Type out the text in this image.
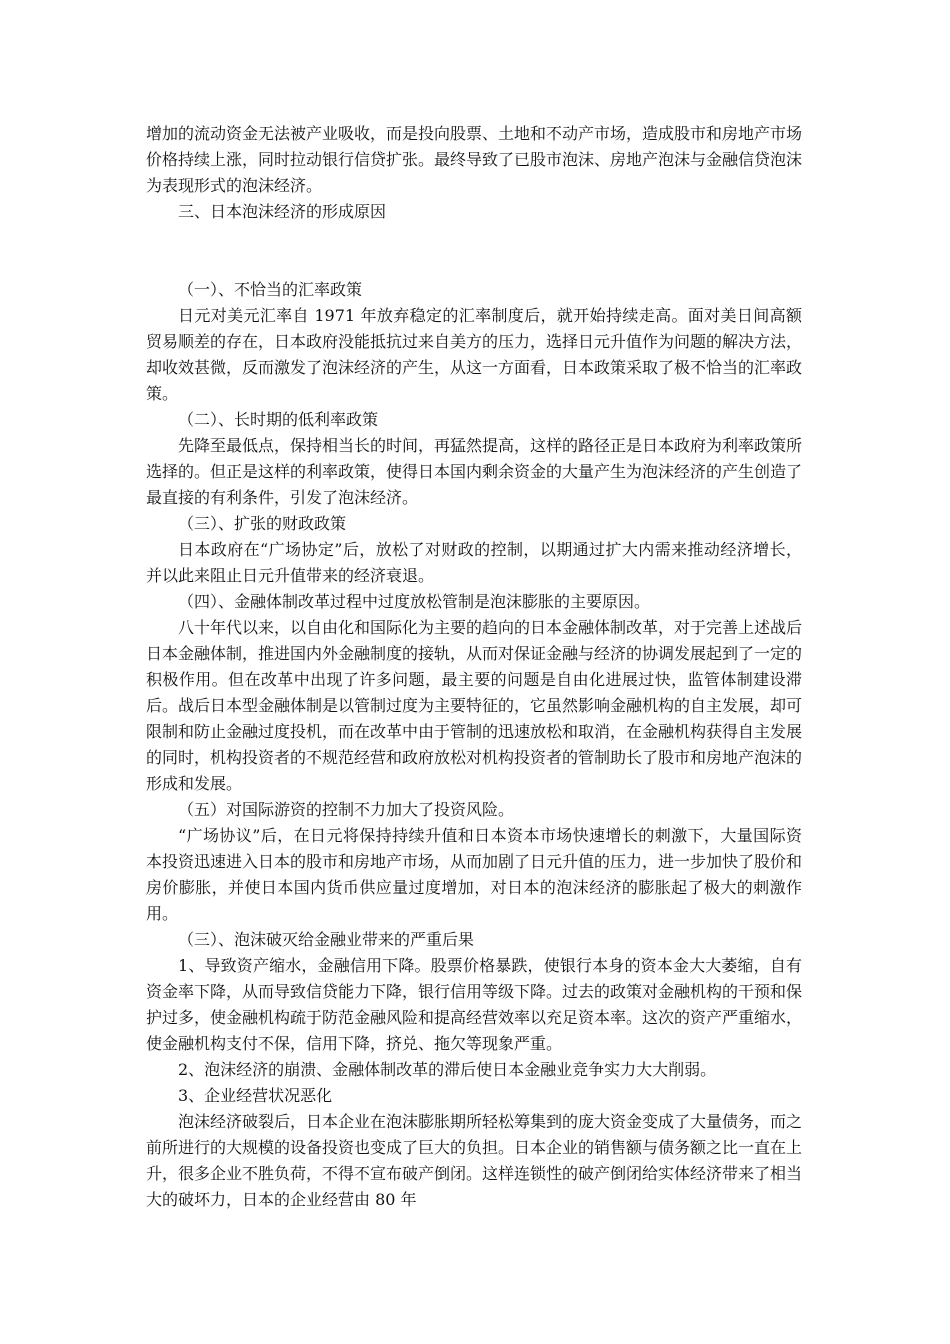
增加的流动资金无法被产业吸收，而是投向股票、土地和不动产市场，造成股市和房地产市场价格持续上涨，同时拉动银行信贷扩张。最终导致了已股市泡沫、房地产泡沫与金融信贷泡沫为表现形式的泡沫经济。

三、日本泡沫经济的形成原因

（一）、不恰当的汇率政策

日元对美元汇率自 1971 年放弃稳定的汇率制度后，就开始持续走高。面对美日间高额贸易顺差的存在，日本政府没能抵抗过来自美方的压力，选择日元升值作为问题的解决方法，却收效甚微，反而激发了泡沫经济的产生，从这一方面看，日本政策采取了极不恰当的汇率政策。

（二）、长时期的低利率政策

先降至最低点，保持相当长的时间，再猛然提高，这样的路径正是日本政府为利率政策所选择的。但正是这样的利率政策，使得日本国内剩余资金的大量产生为泡沫经济的产生创造了最直接的有利条件，引发了泡沫经济。

（三）、扩张的财政政策

日本政府在“广场协定”后，放松了对财政的控制，以期通过扩大内需来推动经济增长，并以此来阻止日元升值带来的经济衰退。

（四）、金融体制改革过程中过度放松管制是泡沫膨胀的主要原因。

八十年代以来，以自由化和国际化为主要的趋向的日本金融体制改革，对于完善上述战后日本金融体制，推进国内外金融制度的接轨，从而对保证金融与经济的协调发展起到了一定的积极作用。但在改革中出现了许多问题，最主要的问题是自由化进展过快，监管体制建设滞后。战后日本型金融体制是以管制过度为主要特征的，它虽然影响金融机构的自主发展，却可限制和防止金融过度投机，而在改革中由于管制的迅速放松和取消，在金融机构获得自主发展的同时，机构投资者的不规范经营和政府放松对机构投资者的管制助长了股市和房地产泡沫的形成和发展。

（五）对国际游资的控制不力加大了投资风险。

“广场协议”后，在日元将保持持续升值和日本资本市场快速增长的刺激下，大量国际资本投资迅速进入日本的股市和房地产市场，从而加剧了日元升值的压力，进一步加快了股价和房价膨胀，并使日本国内货币供应量过度增加，对日本的泡沫经济的膨胀起了极大的刺激作用。

（三）、泡沫破灭给金融业带来的严重后果

1、导致资产缩水，金融信用下降。股票价格暴跌，使银行本身的资本金大大萎缩，自有资金率下降，从而导致信贷能力下降，银行信用等级下降。过去的政策对金融机构的干预和保护过多，使金融机构疏于防范金融风险和提高经营效率以充足资本率。这次的资产严重缩水，使金融机构支付不保，信用下降，挤兑、拖欠等现象严重。

2、泡沫经济的崩溃、金融体制改革的滞后使日本金融业竞争实力大大削弱。

3、企业经营状况恶化

泡沫经济破裂后，日本企业在泡沫膨胀期所轻松筹集到的庞大资金变成了大量债务，而之前所进行的大规模的设备投资也变成了巨大的负担。日本企业的销售额与债务额之比一直在上升，很多企业不胜负荷，不得不宣布破产倒闭。这样连锁性的破产倒闭给实体经济带来了相当大的破坏力，日本的企业经营由 80 年
